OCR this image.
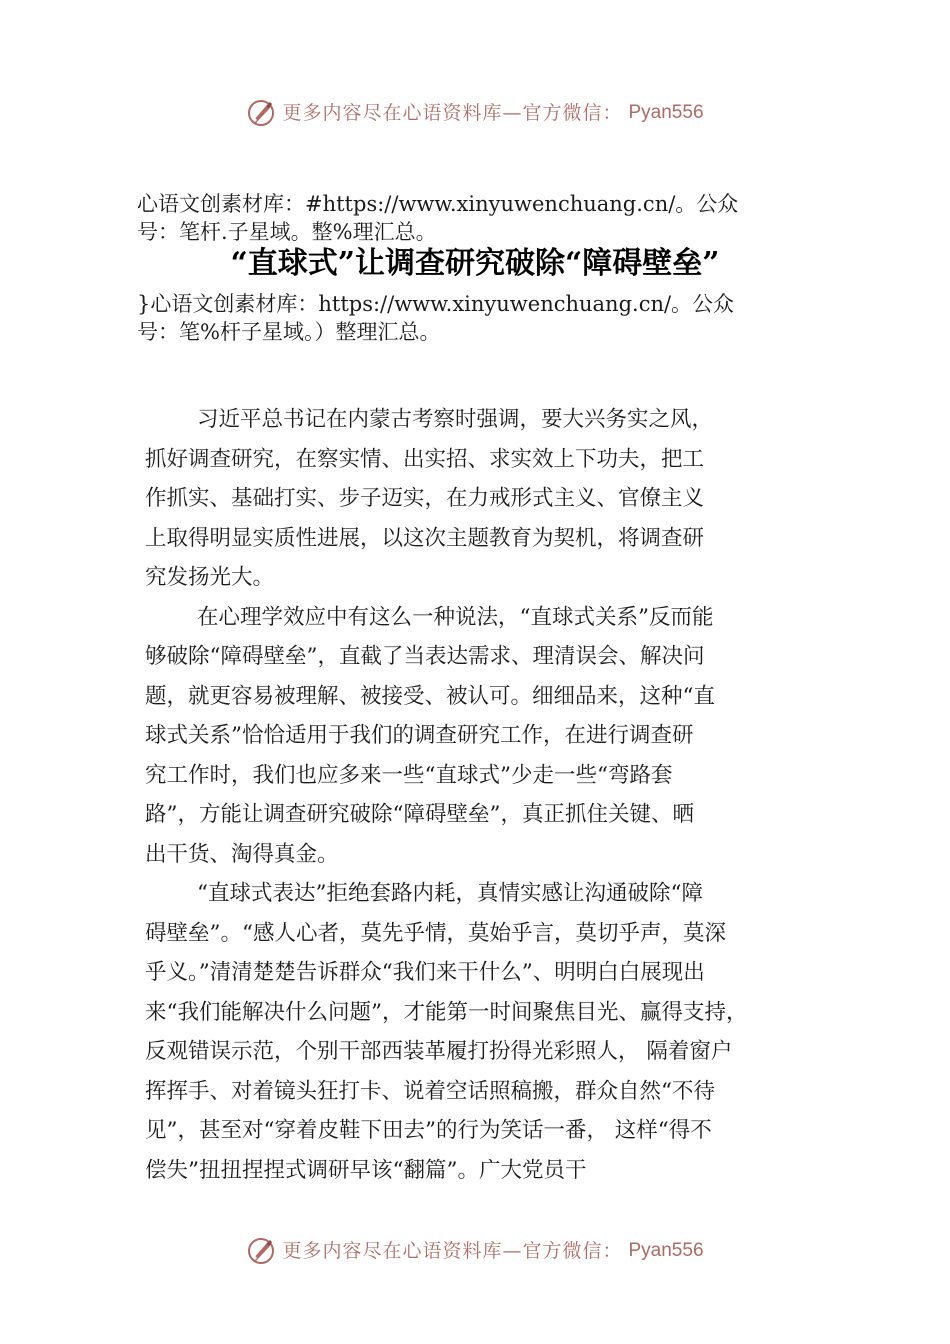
更多内容尽在心语资料库—官方微信： Pyan556
心语文创素材库：#https://www.xinyuwenchuang.cn/。公众
号：笔杆.子星域。整%理汇总。
“直球式”让调查研究破除“障碍壁垒”
}心语文创素材库：https://www.xinyuwenchuang.cn/。公众
号：笔%杆子星域。）整理汇总。
习近平总书记在内蒙古考察时强调，要大兴务实之风，
抓好调查研究，在察实情、出实招、求实效上下功夫，把工
作抓实、基础打实、步子迈实，在力戒形式主义、官僚主义
上取得明显实质性进展，以这次主题教育为契机，将调查研
究发扬光大。
在心理学效应中有这么一种说法，“直球式关系”反而能
够破除“障碍壁垒”，直截了当表达需求、理清误会、解决问
题，就更容易被理解、被接受、被认可。细细品来，这种“直
球式关系”恰恰适用于我们的调查研究工作，在进行调查研
究工作时，我们也应多来一些“直球式”少走一些“弯路套
路”，方能让调查研究破除“障碍壁垒”，真正抓住关键、晒
出干货、淘得真金。
“直球式表达”拒绝套路内耗，真情实感让沟通破除“障
碍壁垒”。“感人心者，莫先乎情，莫始乎言，莫切乎声，莫深
乎义。”清清楚楚告诉群众“我们来干什么”、明明白白展现出
来“我们能解决什么问题”，才能第一时间聚焦目光、赢得支持，
反观错误示范，个别干部西装革履打扮得光彩照人， 隔着窗户
挥挥手、对着镜头狂打卡、说着空话照稿搬，群众自然“不待
见”，甚至对“穿着皮鞋下田去”的行为笑话一番， 这样“得不
偿失”扭扭捏捏式调研早该“翻篇”。广大党员干
更多内容尽在心语资料库—官方微信： Pyan556
